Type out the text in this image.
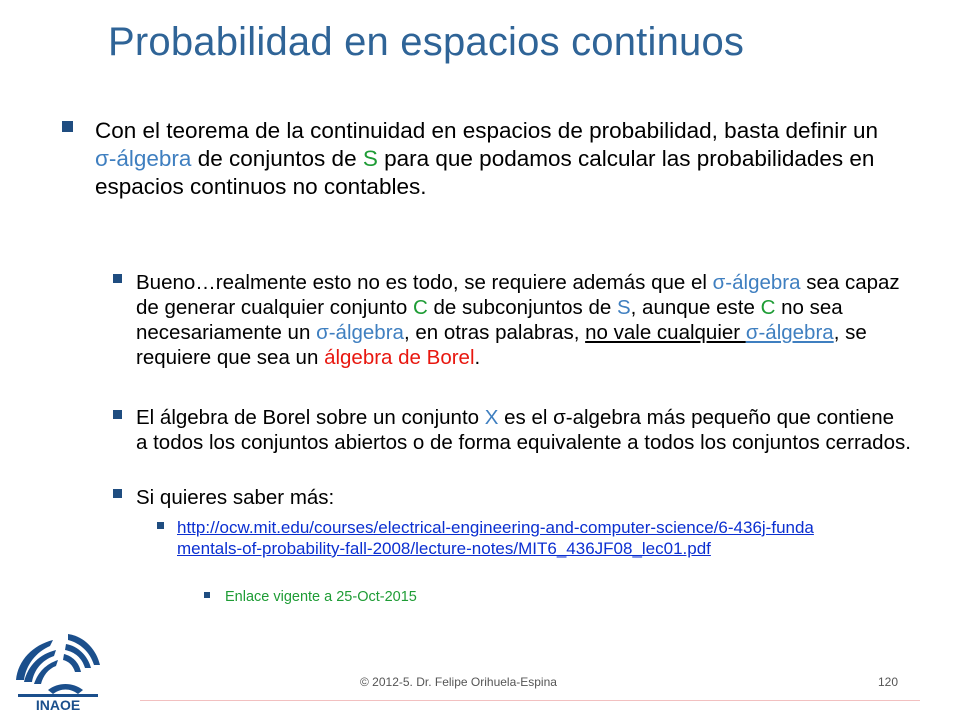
Probabilidad en espacios continuos
Con el teorema de la continuidad en espacios de probabilidad, basta definir un σ-álgebra de conjuntos de S para que podamos calcular las probabilidades en espacios continuos no contables.
Bueno…realmente esto no es todo, se requiere además que el σ-álgebra sea capaz de generar cualquier conjunto C de subconjuntos de S, aunque este C no sea necesariamente un σ-álgebra, en otras palabras, no vale cualquier σ-álgebra, se requiere que sea un álgebra de Borel.
El álgebra de Borel sobre un conjunto X es el σ-algebra más pequeño que contiene a todos los conjuntos abiertos o de forma equivalente a todos los conjuntos cerrados.
Si quieres saber más:
http://ocw.mit.edu/courses/electrical-engineering-and-computer-science/6-436j-fundamentals-of-probability-fall-2008/lecture-notes/MIT6_436JF08_lec01.pdf
Enlace vigente a 25-Oct-2015
© 2012-5. Dr. Felipe Orihuela-Espina	120
INAOE
